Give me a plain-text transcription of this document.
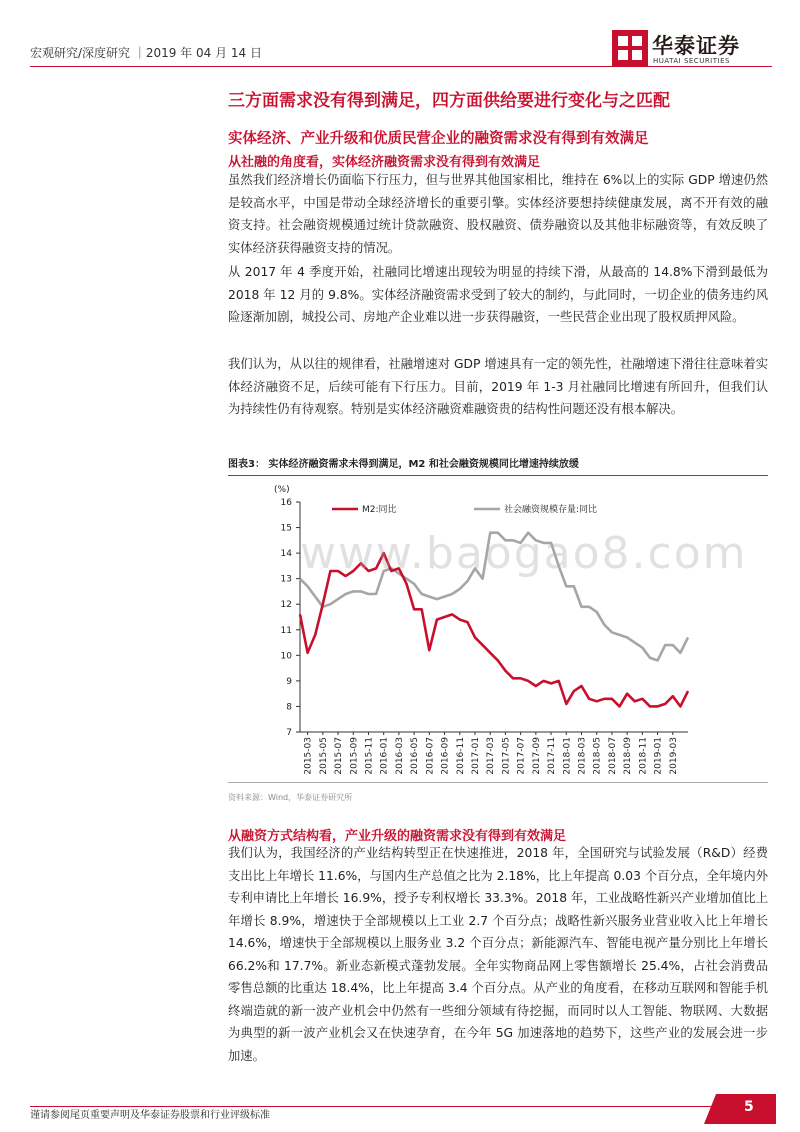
宏观研究/深度研究 ｜2019 年 04 月 14 日	华泰证券
HUATAI SECURITIES
三方面需求没有得到满足，四方面供给要进行变化与之匹配
实体经济、产业升级和优质民营企业的融资需求没有得到有效满足
从社融的角度看，实体经济融资需求没有得到有效满足

虽然我们经济增长仍面临下行压力，但与世界其他国家相比，维持在 6%以上的实际 GDP 增速仍然是较高水平，中国是带动全球经济增长的重要引擎。实体经济要想持续健康发展，离不开有效的融资支持。社会融资规模通过统计贷款融资、股权融资、债券融资以及其他非标融资等，有效反映了实体经济获得融资支持的情况。

从 2017 年 4 季度开始，社融同比增速出现较为明显的持续下滑，从最高的 14.8%下滑到最低为 2018 年 12 月的 9.8%。实体经济融资需求受到了较大的制约，与此同时，一切企业的债务违约风险逐渐加剧，城投公司、房地产企业难以进一步获得融资，一些民营企业出现了股权质押风险。

我们认为，从以往的规律看，社融增速对 GDP 增速具有一定的领先性，社融增速下滑往往意味着实体经济融资不足，后续可能有下行压力。目前，2019 年 1-3 月社融同比增速有所回升，但我们认为持续性仍有待观察。特别是实体经济融资难融资贵的结构性问题还没有根本解决。

图表3： 实体经济融资需求未得到满足，M2 和社会融资规模同比增速持续放缓
(%)
7
8
9
10
11
12
13
14
15
16
2015-03 2015-05 2015-07 2015-09 2015-11 2016-01 2016-03 2016-05 2016-07 2016-09 2016-11 2017-01 2017-03 2017-05 2017-07 2017-09 2017-11 2018-01 2018-03 2018-05 2018-07 2018-09 2018-11 2019-01 2019-03
M2:同比	社会融资规模存量:同比
资料来源：Wind，华泰证券研究所
从融资方式结构看，产业升级的融资需求没有得到有效满足

我们认为，我国经济的产业结构转型正在快速推进，2018 年，全国研究与试验发展（R&D）经费支出比上年增长 11.6%，与国内生产总值之比为 2.18%，比上年提高 0.03 个百分点，全年境内外专利申请比上年增长 16.9%，授予专利权增长 33.3%。2018 年，工业战略性新兴产业增加值比上年增长 8.9%，增速快于全部规模以上工业 2.7 个百分点；战略性新兴服务业营业收入比上年增长 14.6%，增速快于全部规模以上服务业 3.2 个百分点；新能源汽车、智能电视产量分别比上年增长 66.2%和 17.7%。新业态新模式蓬勃发展。全年实物商品网上零售额增长 25.4%，占社会消费品零售总额的比重达 18.4%，比上年提高 3.4 个百分点。从产业的角度看，在移动互联网和智能手机终端造就的新一波产业机会中仍然有一些细分领域有待挖掘，而同时以人工智能、物联网、大数据为典型的新一波产业机会又在快速孕育，在今年 5G 加速落地的趋势下，这些产业的发展会进一步加速。

www.baogao8.com
谨请参阅尾页重要声明及华泰证券股票和行业评级标准
5
